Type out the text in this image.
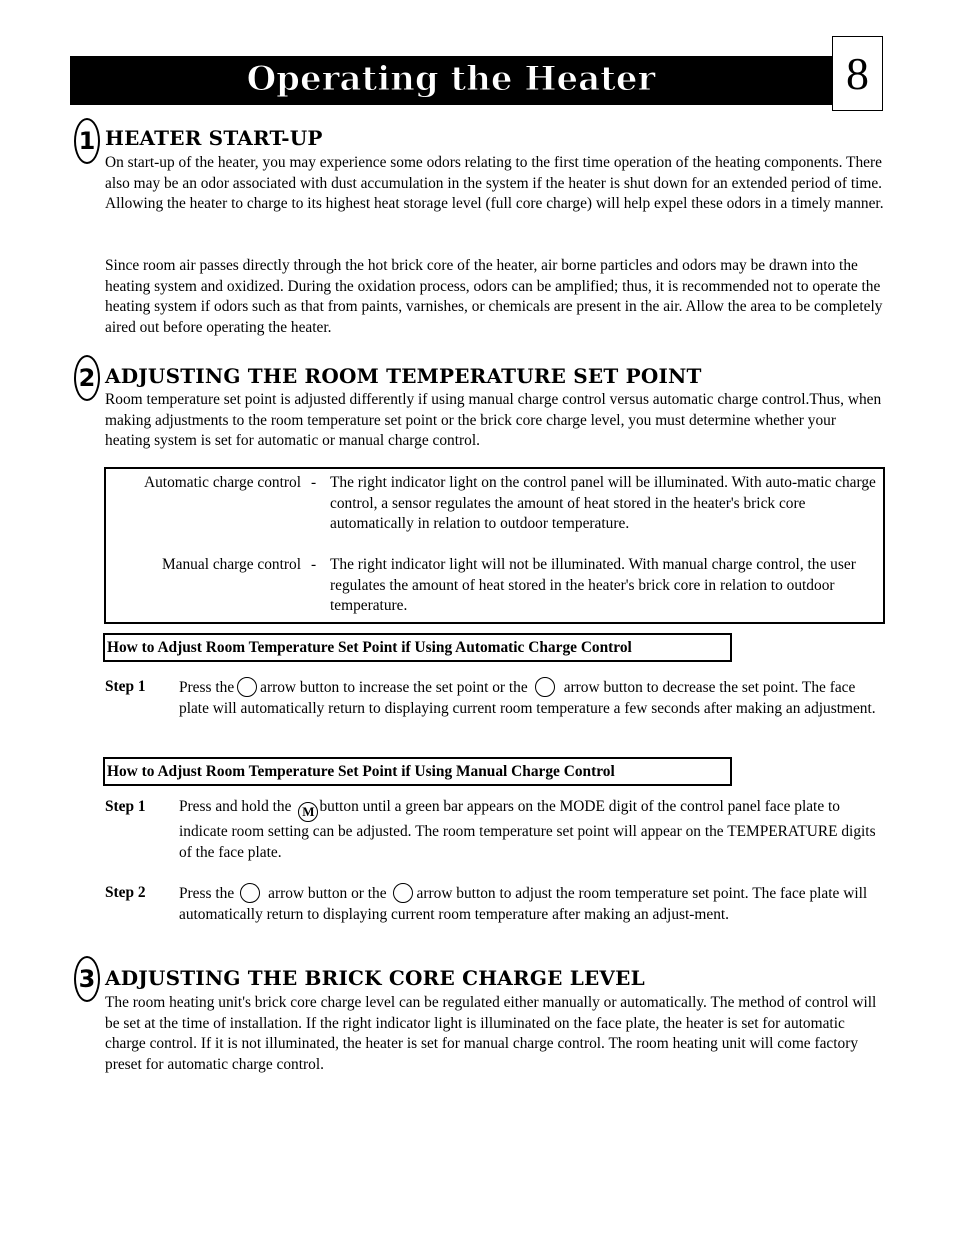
Operating the Heater	8
1 HEATER START-UP

On start-up of the heater, you may experience some odors relating to the first time operation of the heating components. There also may be an odor associated with dust accumulation in the system if the heater is shut down for an extended period of time. Allowing the heater to charge to its highest heat storage level (full core charge) will help expel these odors in a timely manner.

Since room air passes directly through the hot brick core of the heater, air borne particles and odors may be drawn into the heating system and oxidized. During the oxidation process, odors can be amplified; thus, it is recommended not to operate the heating system if odors such as that from paints, varnishes, or chemicals are present in the air. Allow the area to be completely aired out before operating the heater.

2 ADJUSTING THE ROOM TEMPERATURE SET POINT

Room temperature set point is adjusted differently if using manual charge control versus automatic charge control.Thus, when making adjustments to the room temperature set point or the brick core charge level, you must determine whether your heating system is set for automatic or manual charge control.

Automatic charge control - The right indicator light on the control panel will be illuminated. With auto-matic charge control, a sensor regulates the amount of heat stored in the heater's brick core automatically in relation to outdoor temperature.
Manual charge control - The right indicator light will not be illuminated. With manual charge control, the user regulates the amount of heat stored in the heater's brick core in relation to outdoor temperature.
How to Adjust Room Temperature Set Point if Using Automatic Charge Control
Step 1 Press the arrow button to increase the set point or the arrow button to decrease the set point. The face plate will automatically return to displaying current room temperature a few seconds after making an adjustment.
How to Adjust Room Temperature Set Point if Using Manual Charge Control
Step 1 Press and hold the M button until a green bar appears on the MODE digit of the control panel face plate to indicate room setting can be adjusted. The room temperature set point will appear on the TEMPERATURE digits of the face plate.
Step 2 Press the arrow button or the arrow button to adjust the room temperature set point. The face plate will automatically return to displaying current room temperature after making an adjust-ment.
3 ADJUSTING THE BRICK CORE CHARGE LEVEL

The room heating unit's brick core charge level can be regulated either manually or automatically. The method of control will be set at the time of installation. If the right indicator light is illuminated on the face plate, the heater is set for automatic charge control. If it is not illuminated, the heater is set for manual charge control. The room heating unit will come factory preset for automatic charge control.
